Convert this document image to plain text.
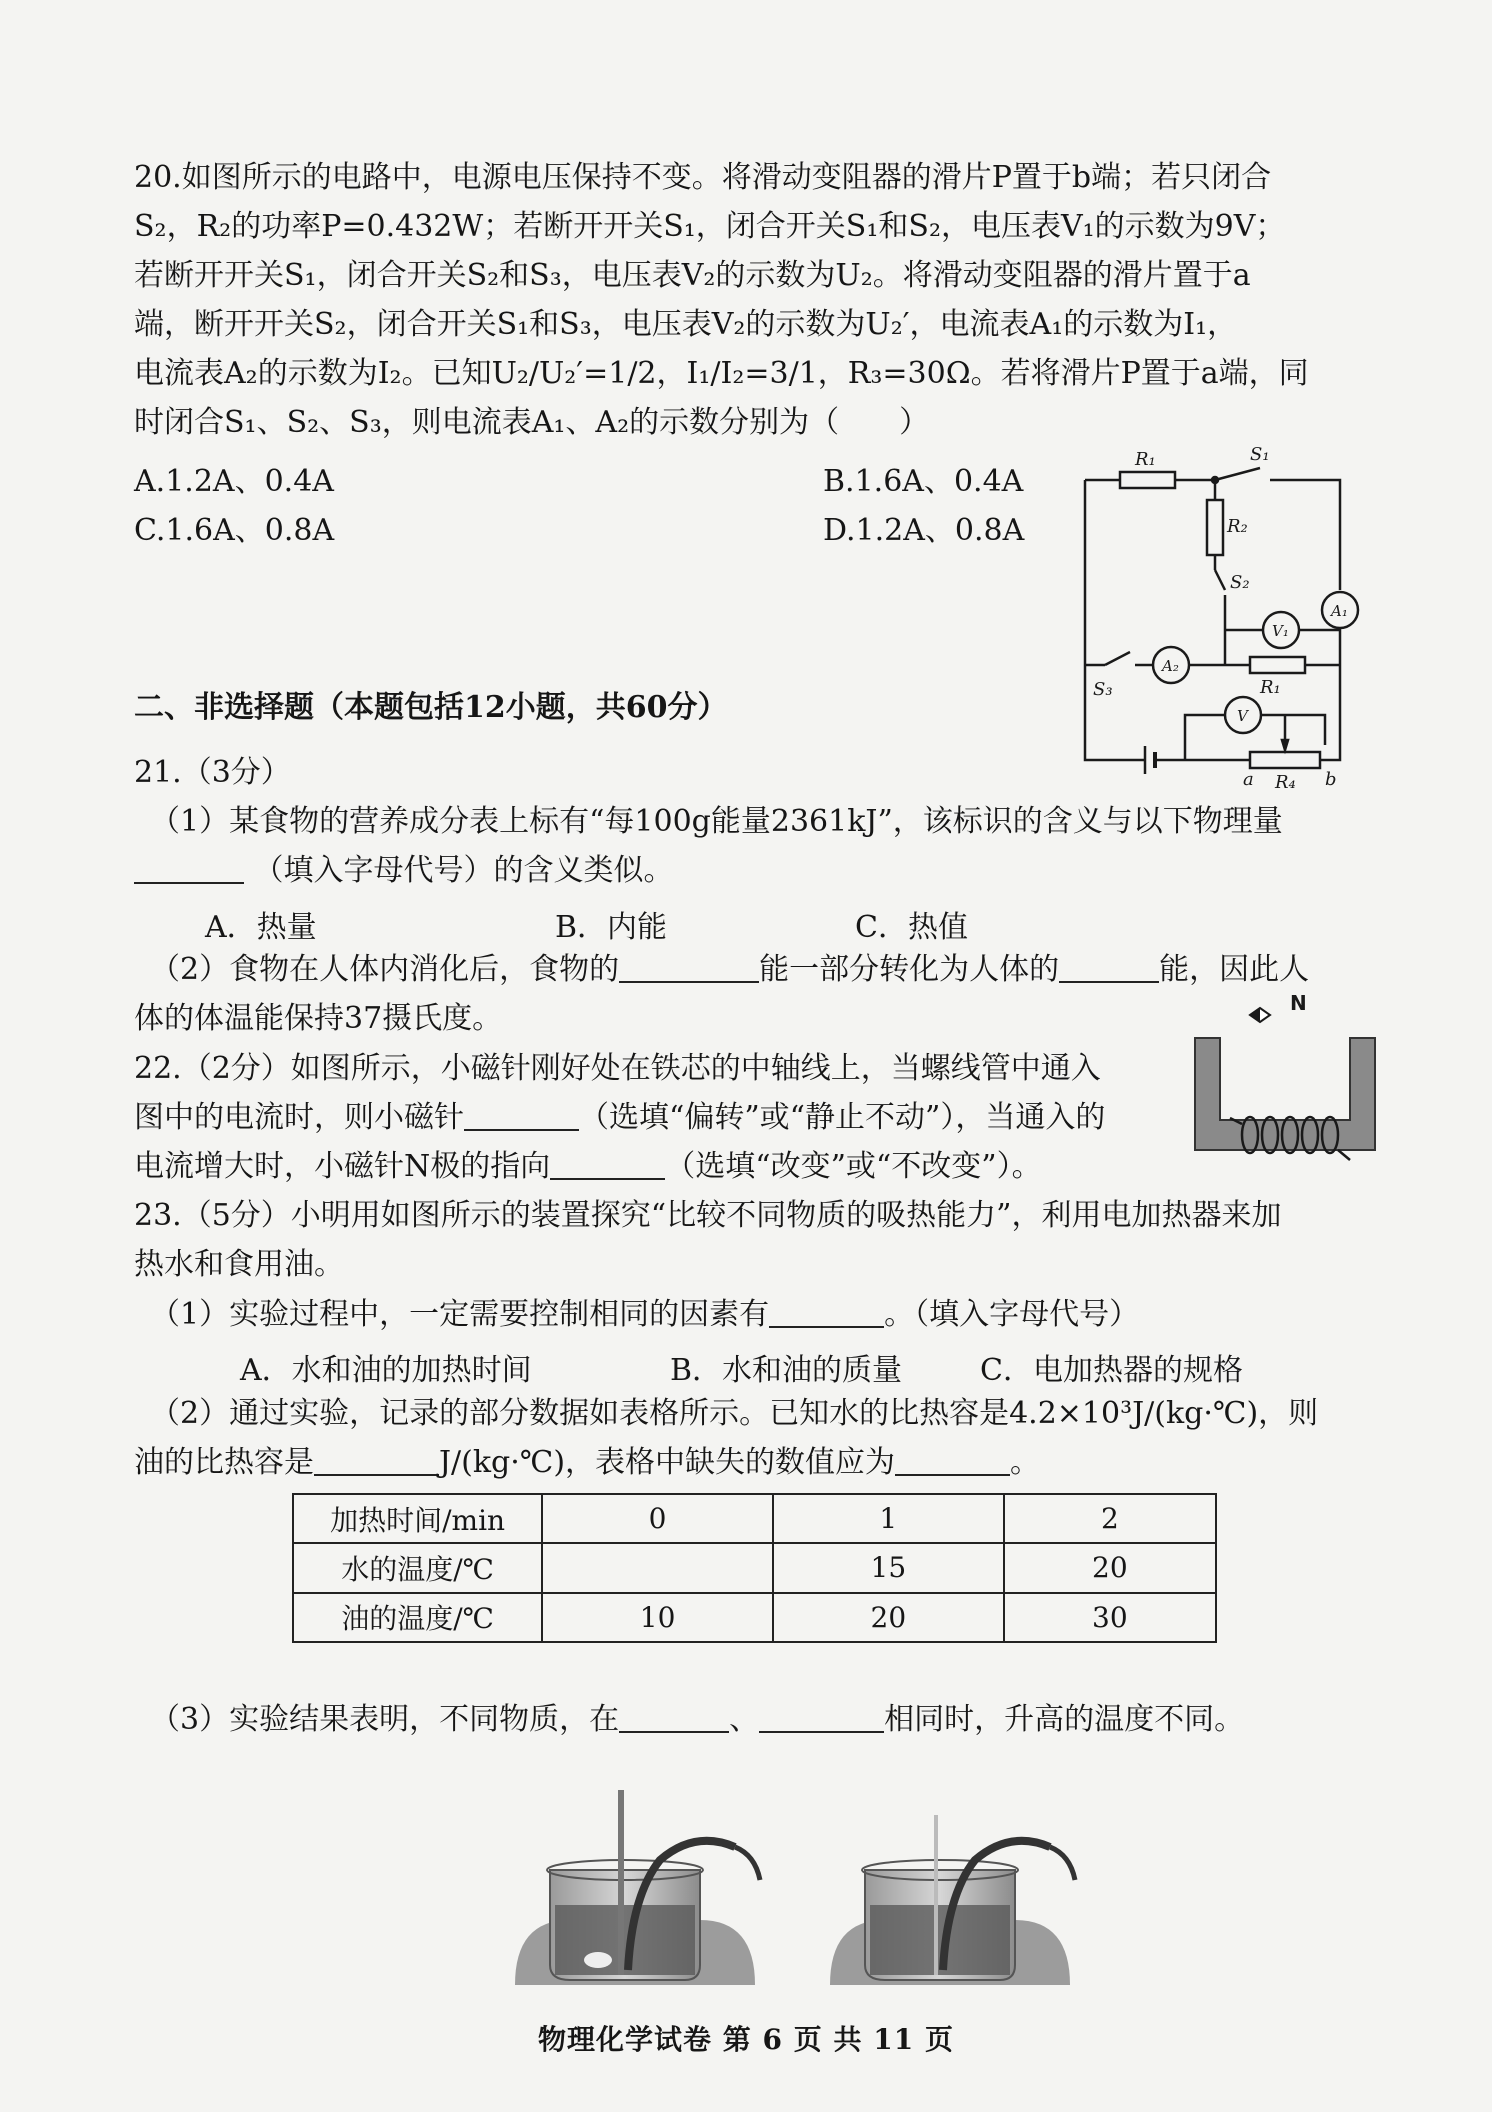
20.如图所示的电路中，电源电压保持不变。将滑动变阻器的滑片P置于b端；若只闭合
S₂，R₂的功率P=0.432W；若断开开关S₁，闭合开关S₁和S₂，电压表V₁的示数为9V；
若断开开关S₁，闭合开关S₂和S₃，电压表V₂的示数为U₂。将滑动变阻器的滑片置于a
端，断开开关S₂，闭合开关S₁和S₃，电压表V₂的示数为U₂′，电流表A₁的示数为I₁，
电流表A₂的示数为I₂。已知U₂/U₂′=1/2，I₁/I₂=3/1，R₃=30Ω。若将滑片P置于a端，同
时闭合S₁、S₂、S₃，则电流表A₁、A₂的示数分别为（　　）
A.1.2A、0.4A	B.1.6A、0.4A
C.1.6A、0.8A	D.1.2A、0.8A
R₁	S₁
R₂
S₂
A₁
V₁
A₂
S₃	R₁
V
a R₄ b
二、非选择题（本题包括12小题，共60分）
21.（3分）
（1）某食物的营养成分表上标有“每100g能量2361kJ”，该标识的含义与以下物理量
（填入字母代号）的含义类似。
A．热量	B．内能	C．热值
（2）食物在人体内消化后，食物的	能一部分转化为人体的	能，因此人
体的体温能保持37摄氏度。
22.（2分）如图所示，小磁针刚好处在铁芯的中轴线上，当螺线管中通入
图中的电流时，则小磁针	（选填“偏转”或“静止不动”），当通入的
电流增大时，小磁针N极的指向	（选填“改变”或“不改变”）。
N
23.（5分）小明用如图所示的装置探究“比较不同物质的吸热能力”，利用电加热器来加
热水和食用油。
（1）实验过程中，一定需要控制相同的因素有	。（填入字母代号）
A．水和油的加热时间	B．水和油的质量	C．电加热器的规格
（2）通过实验，记录的部分数据如表格所示。已知水的比热容是4.2×10³J/(kg·℃)，则
油的比热容是	J/(kg·℃)，表格中缺失的数值应为	。
加热时间/min	0	1	2
水的温度/℃		15	20
油的温度/℃	10	20	30
（3）实验结果表明，不同物质，在	、	相同时，升高的温度不同。
物理化学试卷 第 6 页 共 11 页
